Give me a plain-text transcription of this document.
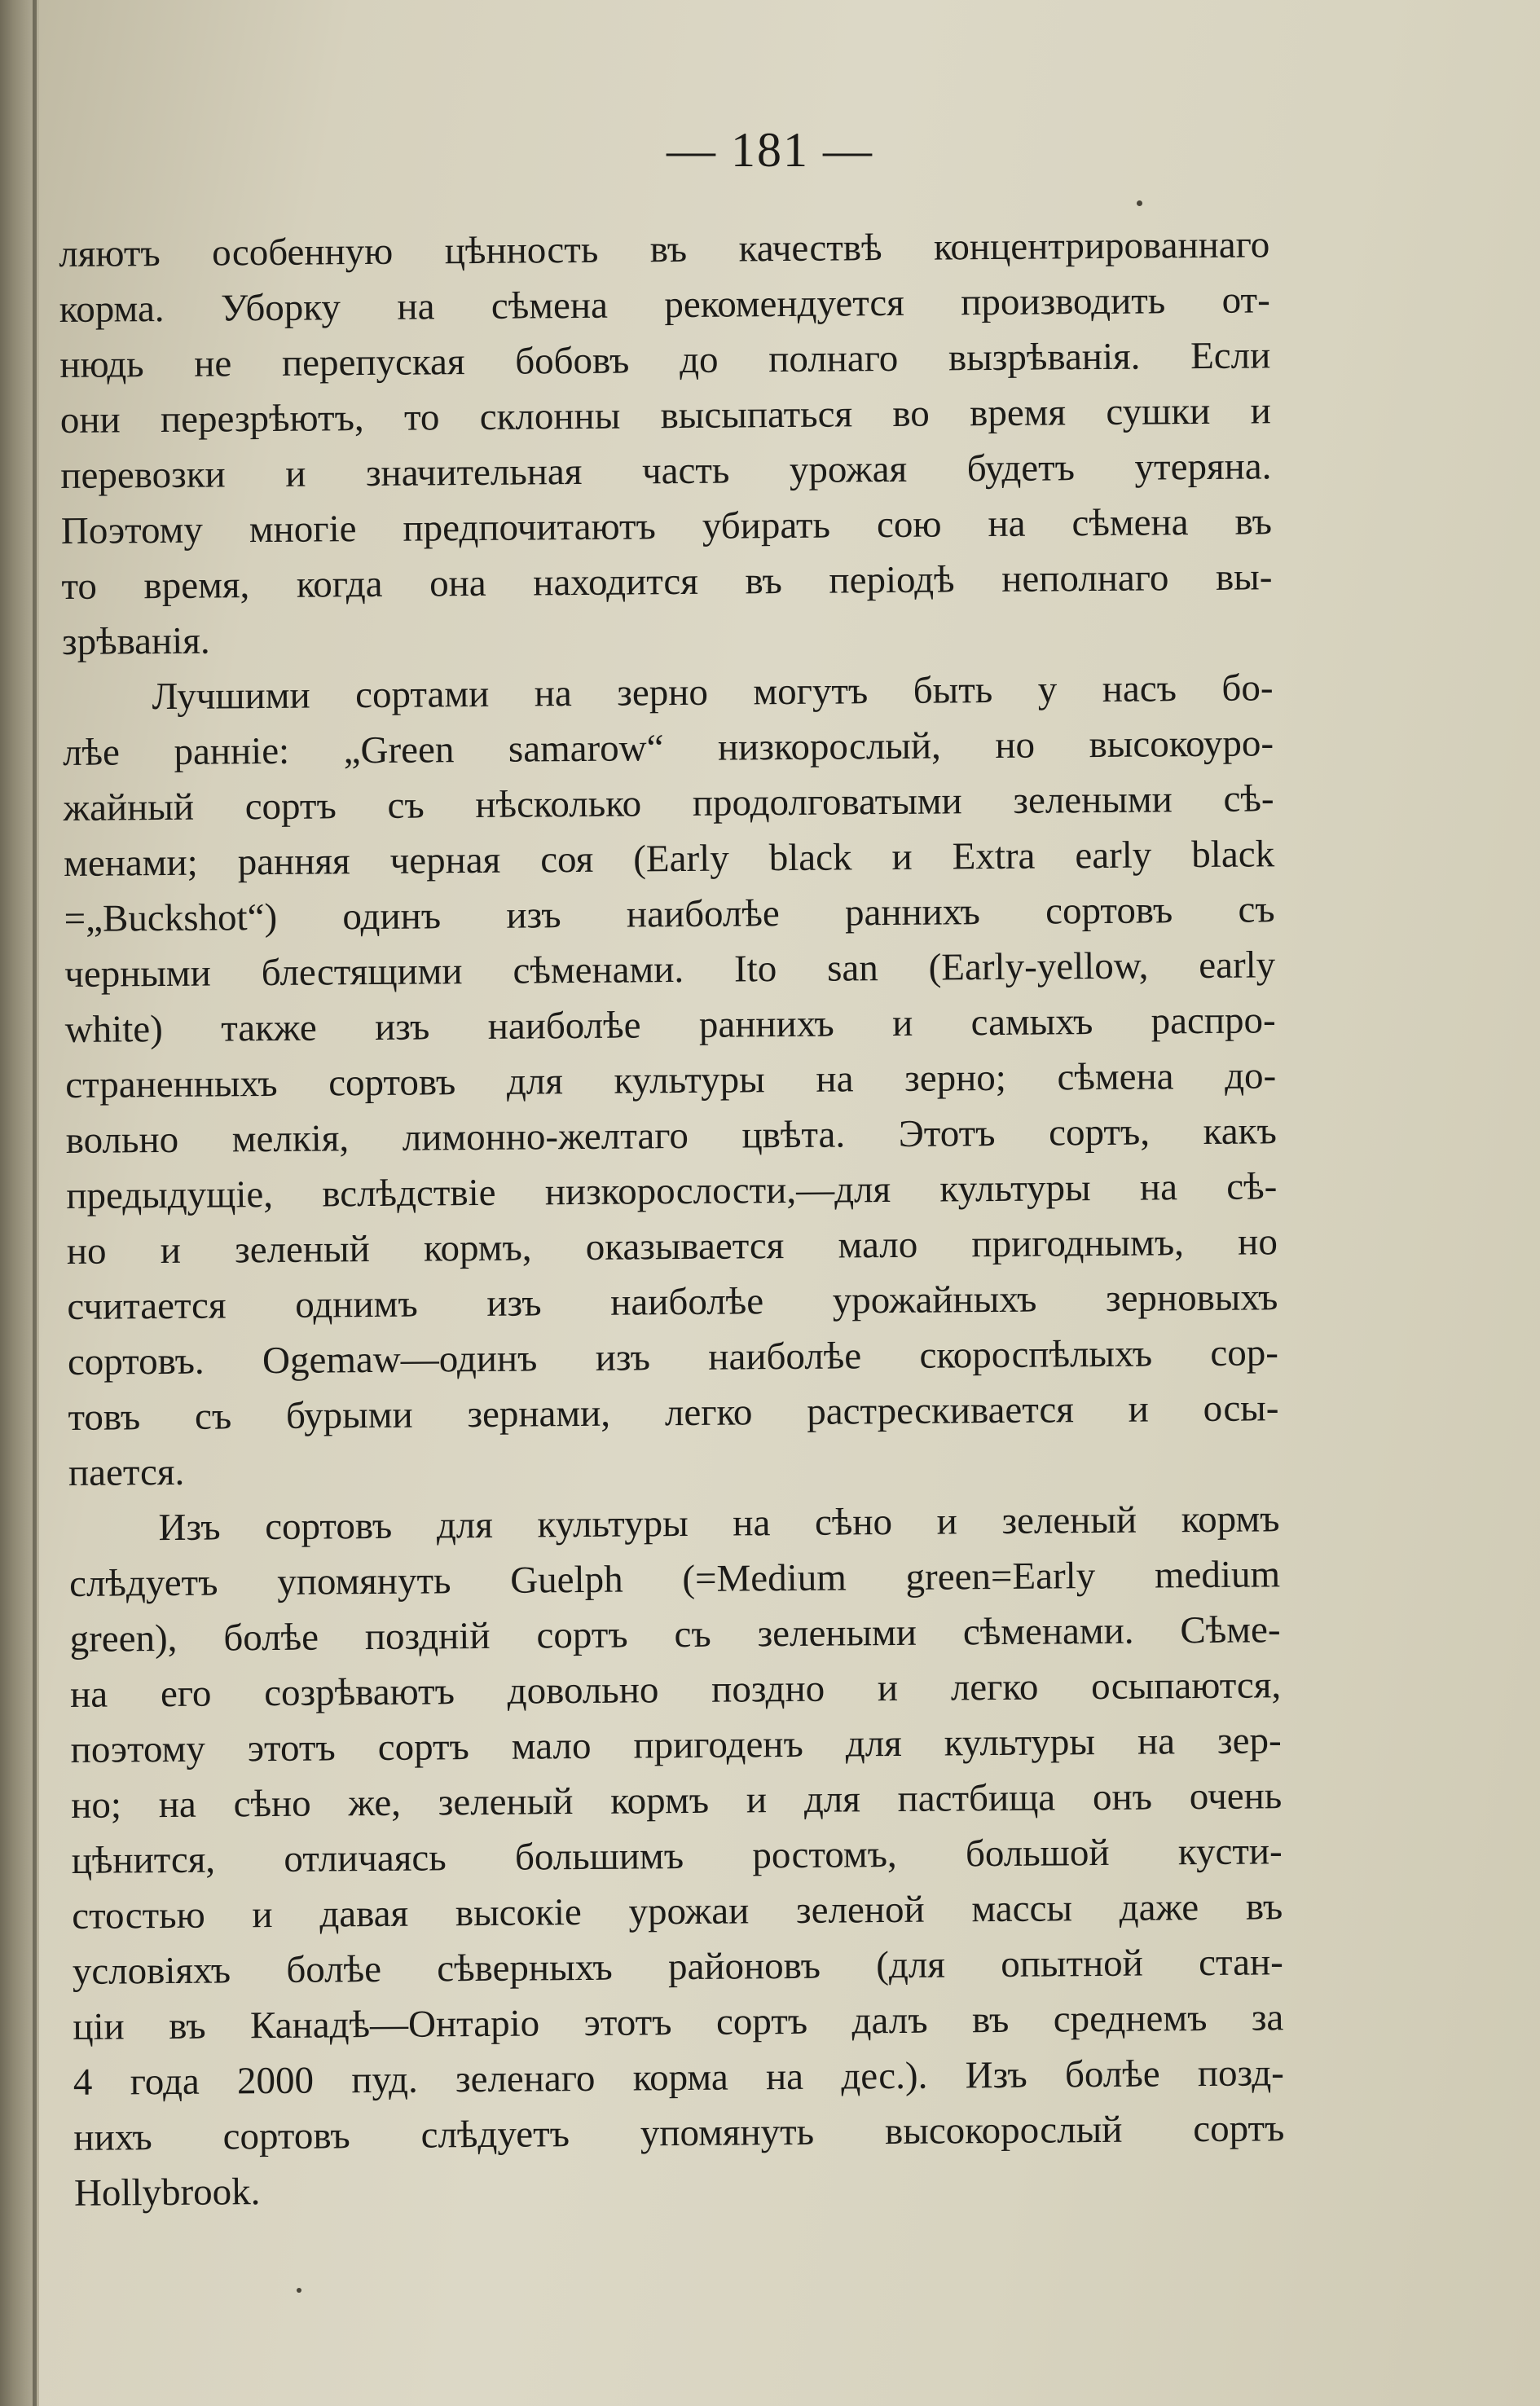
— 181 —
ляютъ особенную цѣнность въ качествѣ концентрированнаго
корма. Уборку на сѣмена рекомендуется производить от-
нюдь не перепуская бобовъ до полнаго вызрѣванія. Если
они перезрѣютъ, то склонны высыпаться во время сушки и
перевозки и значительная часть урожая будетъ утеряна.
Поэтому многіе предпочитаютъ убирать сою на сѣмена въ
то время, когда она находится въ періодѣ неполнаго вы-
зрѣванія.
Лучшими сортами на зерно могутъ быть у насъ бо-
лѣе ранніе: „Green samarow“ низкорослый, но высокоуро-
жайный сортъ съ нѣсколько продолговатыми зелеными сѣ-
менами; ранняя черная соя (Early black и Extra early black
=„Buckshot“) одинъ изъ наиболѣе раннихъ сортовъ съ
черными блестящими сѣменами. Ito san (Early-yellow, early
white) также изъ наиболѣе раннихъ и самыхъ распро-
страненныхъ сортовъ для культуры на зерно; сѣмена до-
вольно мелкія, лимонно-желтаго цвѣта. Этотъ сортъ, какъ
предыдущіе, вслѣдствіе низкорослости,—для культуры на сѣ-
но и зеленый кормъ, оказывается мало пригоднымъ, но
считается однимъ изъ наиболѣе урожайныхъ зерновыхъ
сортовъ. Ogemaw—одинъ изъ наиболѣе скороспѣлыхъ сор-
товъ съ бурыми зернами, легко растрескивается и осы-
пается.
Изъ сортовъ для культуры на сѣно и зеленый кормъ
слѣдуетъ упомянуть Guelph (=Medium green=Early medium
green), болѣе поздній сортъ съ зелеными сѣменами. Сѣме-
на его созрѣваютъ довольно поздно и легко осыпаются,
поэтому этотъ сортъ мало пригоденъ для культуры на зер-
но; на сѣно же, зеленый кормъ и для пастбища онъ очень
цѣнится, отличаясь большимъ ростомъ, большой кусти-
стостью и давая высокіе урожаи зеленой массы даже въ
условіяхъ болѣе сѣверныхъ районовъ (для опытной стан-
ціи въ Канадѣ—Онтаріо этотъ сортъ далъ въ среднемъ за
4 года 2000 пуд. зеленаго корма на дес.). Изъ болѣе позд-
нихъ сортовъ слѣдуетъ упомянуть высокорослый сортъ
Hollybrook.
